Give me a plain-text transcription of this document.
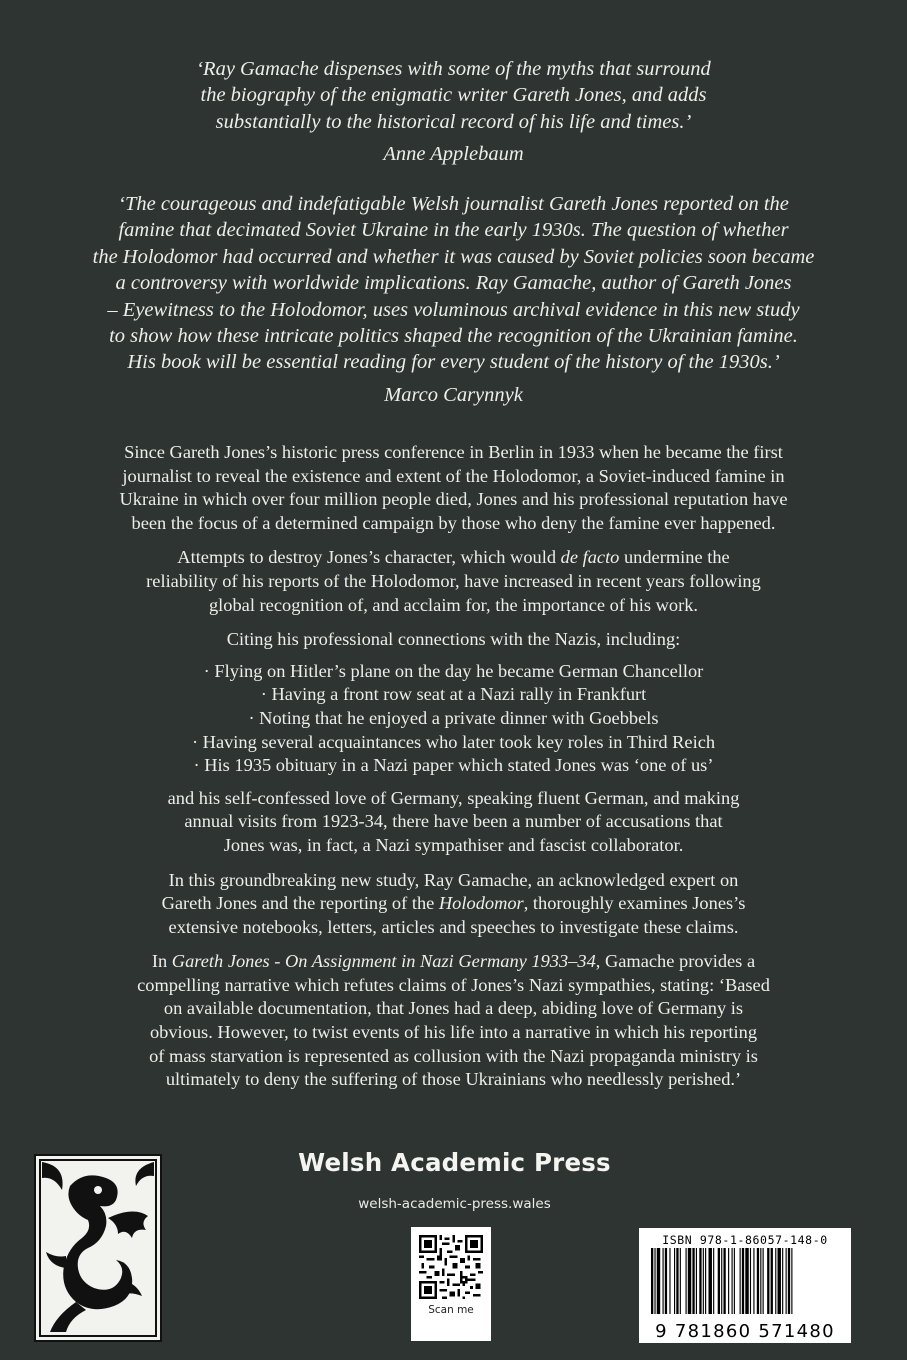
‘Ray Gamache dispenses with some of the myths that surround

the biography of the enigmatic writer Gareth Jones, and adds

substantially to the historical record of his life and times.’

Anne Applebaum

‘The courageous and indefatigable Welsh journalist Gareth Jones reported on the

famine that decimated Soviet Ukraine in the early 1930s. The question of whether

the Holodomor had occurred and whether it was caused by Soviet policies soon became

a controversy with worldwide implications. Ray Gamache, author of Gareth Jones

– Eyewitness to the Holodomor, uses voluminous archival evidence in this new study

to show how these intricate politics shaped the recognition of the Ukrainian famine.

His book will be essential reading for every student of the history of the 1930s.’

Marco Carynnyk

Since Gareth Jones’s historic press conference in Berlin in 1933 when he became the first
journalist to reveal the existence and extent of the Holodomor, a Soviet-induced famine in
Ukraine in which over four million people died, Jones and his professional reputation have
been the focus of a determined campaign by those who deny the famine ever happened.

Attempts to destroy Jones’s character, which would de facto undermine the
reliability of his reports of the Holodomor, have increased in recent years following
global recognition of, and acclaim for, the importance of his work.

Citing his professional connections with the Nazis, including:

· Flying on Hitler’s plane on the day he became German Chancellor
· Having a front row seat at a Nazi rally in Frankfurt
· Noting that he enjoyed a private dinner with Goebbels
· Having several acquaintances who later took key roles in Third Reich
· His 1935 obituary in a Nazi paper which stated Jones was ‘one of us’

and his self-confessed love of Germany, speaking fluent German, and making
annual visits from 1923-34, there have been a number of accusations that
Jones was, in fact, a Nazi sympathiser and fascist collaborator.

In this groundbreaking new study, Ray Gamache, an acknowledged expert on
Gareth Jones and the reporting of the Holodomor, thoroughly examines Jones’s
extensive notebooks, letters, articles and speeches to investigate these claims.

In Gareth Jones - On Assignment in Nazi Germany 1933–34, Gamache provides a
compelling narrative which refutes claims of Jones’s Nazi sympathies, stating: ‘Based
on available documentation, that Jones had a deep, abiding love of Germany is
obvious. However, to twist events of his life into a narrative in which his reporting
of mass starvation is represented as collusion with the Nazi propaganda ministry is
ultimately to deny the suffering of those Ukrainians who needlessly perished.’

Welsh Academic Press
welsh-academic-press.wales
Scan me
ISBN 978-1-86057-148-0
9 781860 571480
